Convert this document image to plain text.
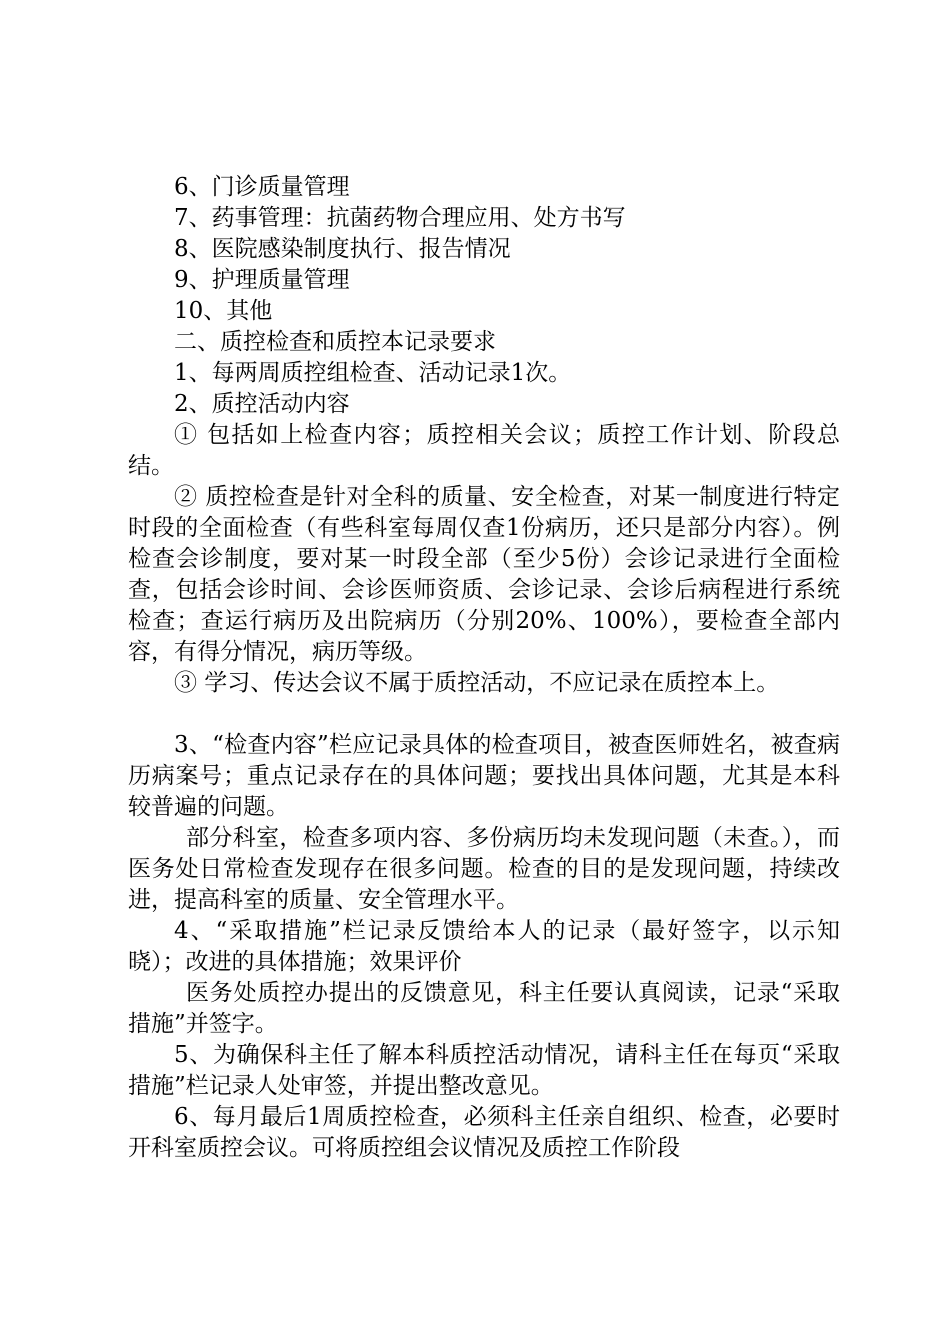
6、门诊质量管理

7、药事管理：抗菌药物合理应用、处方书写

8、医院感染制度执行、报告情况

9、护理质量管理

10、其他

二、质控检查和质控本记录要求

1、每两周质控组检查、活动记录1次。

2、质控活动内容

① 包括如上检查内容；质控相关会议；质控工作计划、阶段总结。

② 质控检查是针对全科的质量、安全检查，对某一制度进行特定时段的全面检查（有些科室每周仅查1份病历，还只是部分内容）。例检查会诊制度，要对某一时段全部（至少5份）会诊记录进行全面检查，包括会诊时间、会诊医师资质、会诊记录、会诊后病程进行系统检查；查运行病历及出院病历（分别20%、100%），要检查全部内容，有得分情况，病历等级。

③ 学习、传达会议不属于质控活动，不应记录在质控本上。

3、“检查内容”栏应记录具体的检查项目，被查医师姓名，被查病历病案号；重点记录存在的具体问题；要找出具体问题，尤其是本科较普遍的问题。

部分科室，检查多项内容、多份病历均未发现问题（未查。），而医务处日常检查发现存在很多问题。检查的目的是发现问题，持续改进，提高科室的质量、安全管理水平。

4、“采取措施”栏记录反馈给本人的记录（最好签字，以示知晓）；改进的具体措施；效果评价

医务处质控办提出的反馈意见，科主任要认真阅读，记录“采取措施”并签字。

5、为确保科主任了解本科质控活动情况，请科主任在每页“采取措施”栏记录人处审签，并提出整改意见。

6、每月最后1周质控检查，必须科主任亲自组织、检查，必要时开科室质控会议。可将质控组会议情况及质控工作阶段
